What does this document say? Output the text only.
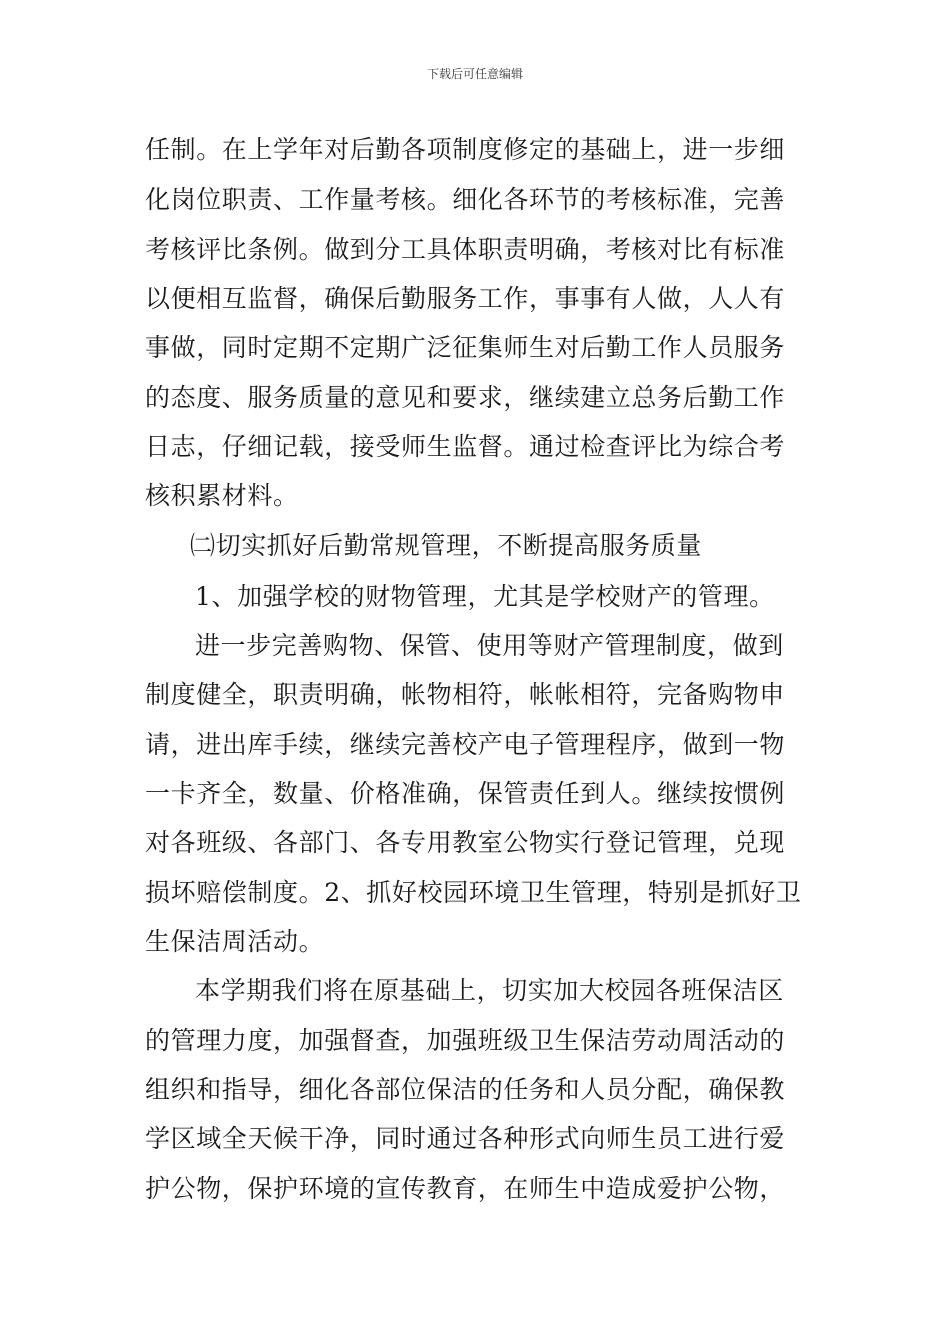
下载后可任意编辑
任制。在上学年对后勤各项制度修定的基础上，进一步细
化岗位职责、工作量考核。细化各环节的考核标准，完善
考核评比条例。做到分工具体职责明确，考核对比有标准
以便相互监督，确保后勤服务工作，事事有人做，人人有
事做，同时定期不定期广泛征集师生对后勤工作人员服务
的态度、服务质量的意见和要求，继续建立总务后勤工作
日志，仔细记载，接受师生监督。通过检查评比为综合考
核积累材料。
㈡切实抓好后勤常规管理，不断提高服务质量
1、加强学校的财物管理，尤其是学校财产的管理。
进一步完善购物、保管、使用等财产管理制度，做到
制度健全，职责明确，帐物相符，帐帐相符，完备购物申
请，进出库手续，继续完善校产电子管理程序，做到一物
一卡齐全，数量、价格准确，保管责任到人。继续按惯例
对各班级、各部门、各专用教室公物实行登记管理，兑现
损坏赔偿制度。2、抓好校园环境卫生管理，特别是抓好卫
生保洁周活动。
本学期我们将在原基础上，切实加大校园各班保洁区
的管理力度，加强督查，加强班级卫生保洁劳动周活动的
组织和指导，细化各部位保洁的任务和人员分配，确保教
学区域全天候干净，同时通过各种形式向师生员工进行爱
护公物，保护环境的宣传教育，在师生中造成爱护公物，
